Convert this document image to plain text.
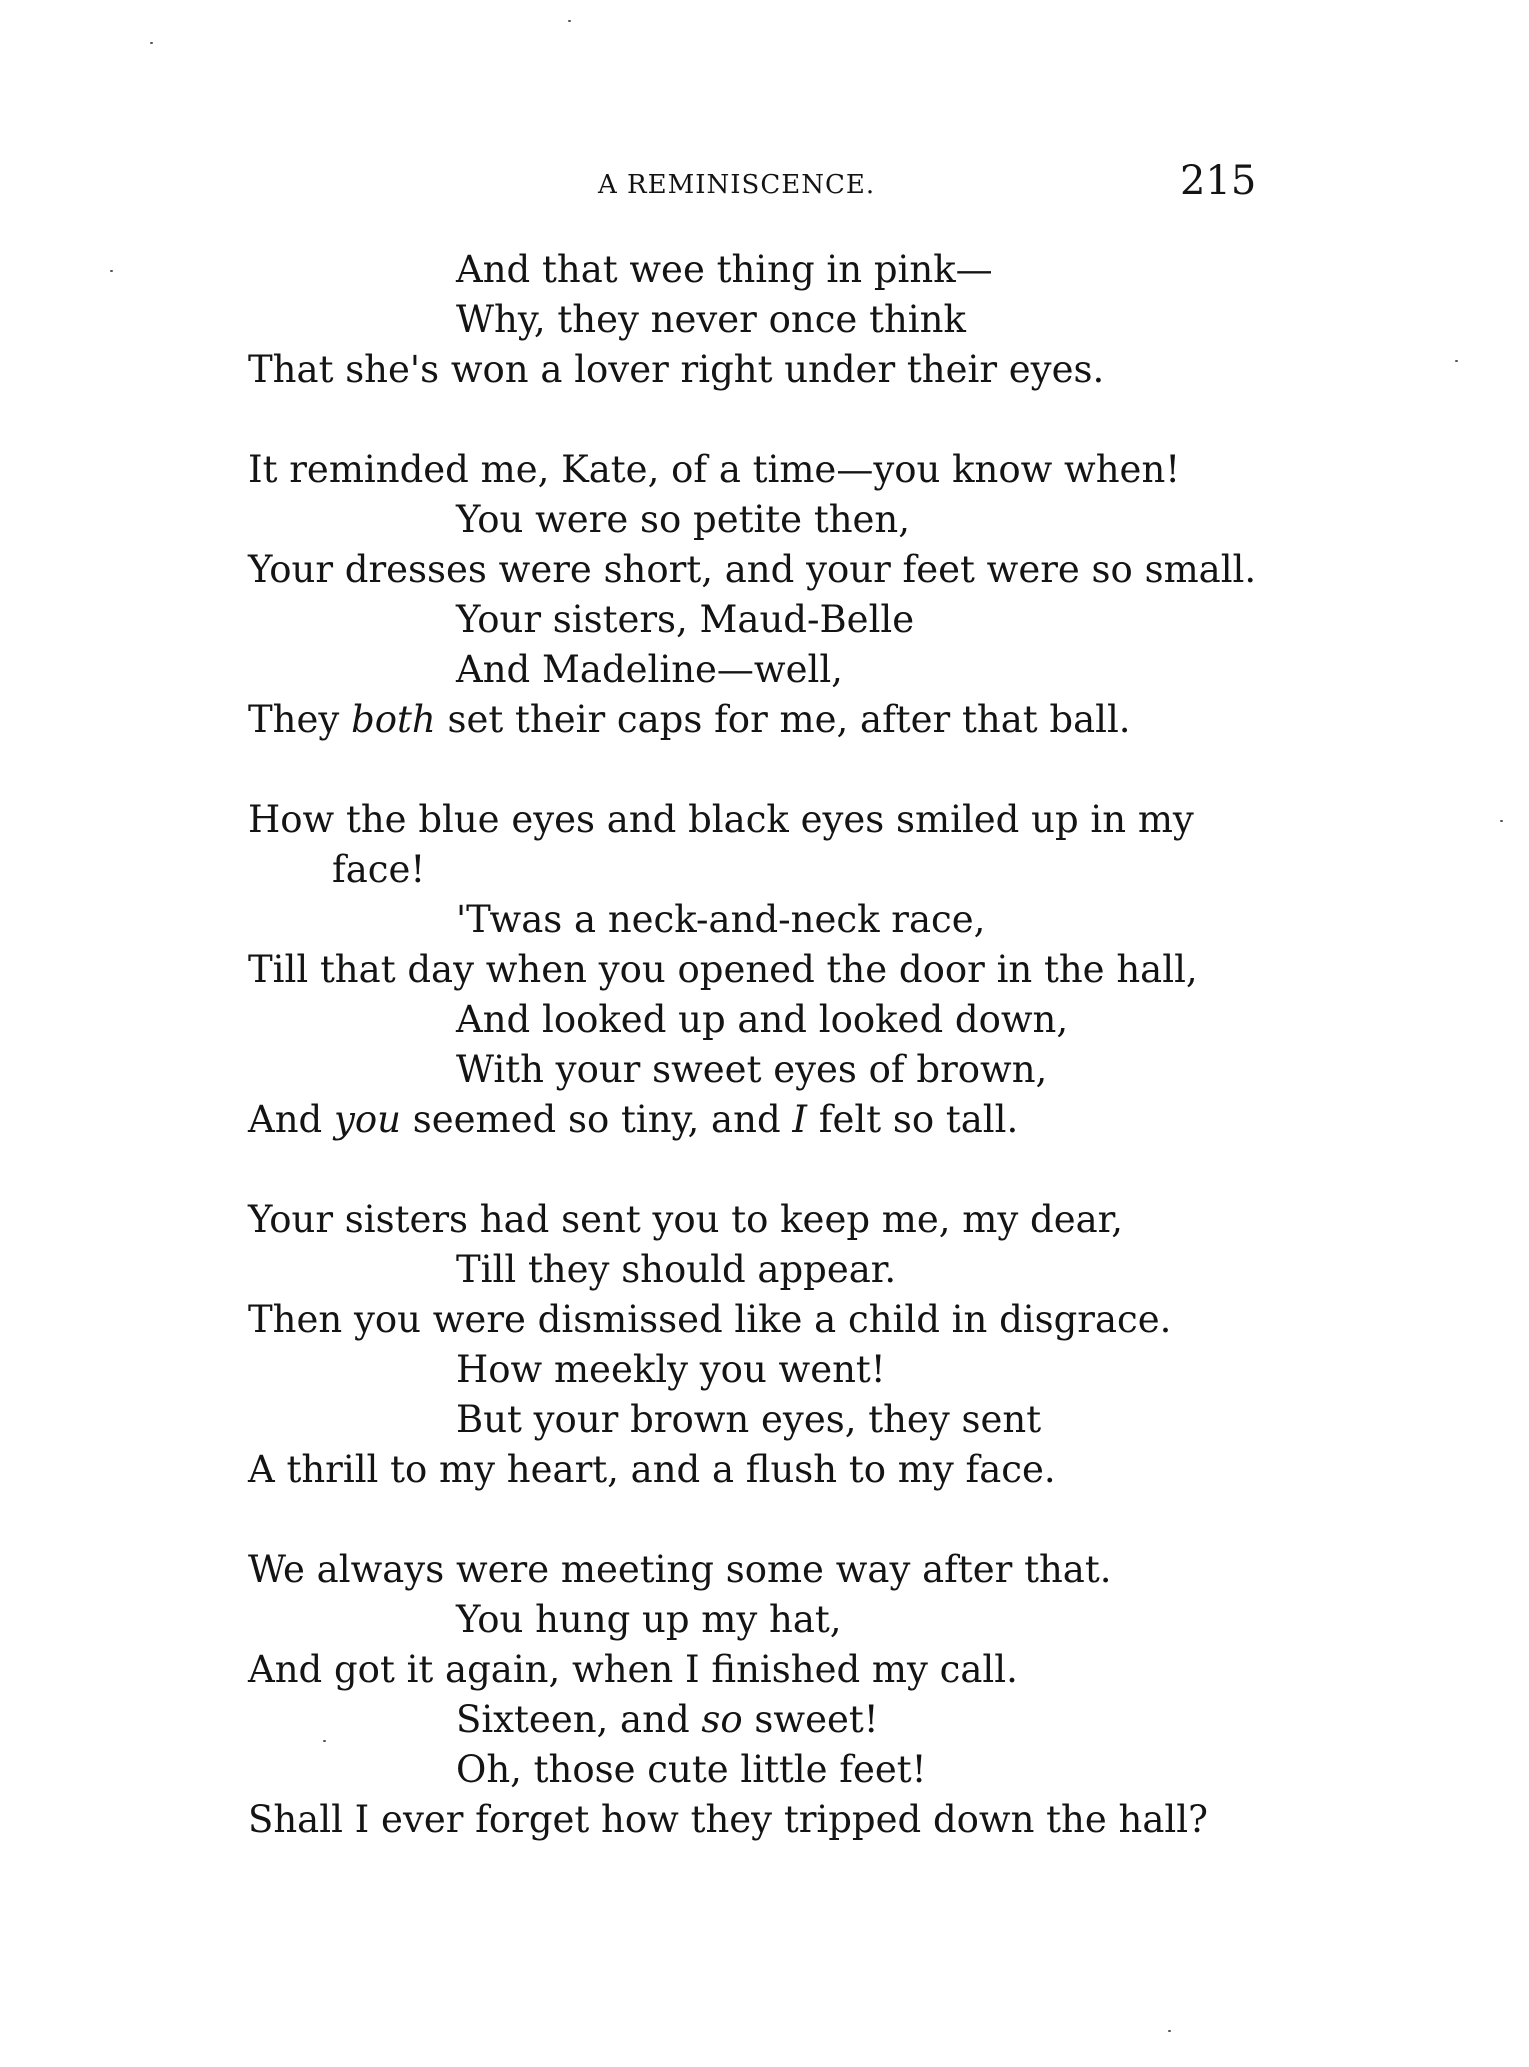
A REMINISCENCE.	215
And that wee thing in pink—
Why, they never once think
That she's won a lover right under their eyes.
It reminded me, Kate, of a time—you know when!
You were so petite then,
Your dresses were short, and your feet were so small.
Your sisters, Maud-Belle
And Madeline—well,
They both set their caps for me, after that ball.
How the blue eyes and black eyes smiled up in my
face!
'Twas a neck-and-neck race,
Till that day when you opened the door in the hall,
And looked up and looked down,
With your sweet eyes of brown,
And you seemed so tiny, and I felt so tall.
Your sisters had sent you to keep me, my dear,
Till they should appear.
Then you were dismissed like a child in disgrace.
How meekly you went!
But your brown eyes, they sent
A thrill to my heart, and a flush to my face.
We always were meeting some way after that.
You hung up my hat,
And got it again, when I finished my call.
Sixteen, and so sweet!
Oh, those cute little feet!
Shall I ever forget how they tripped down the hall?
